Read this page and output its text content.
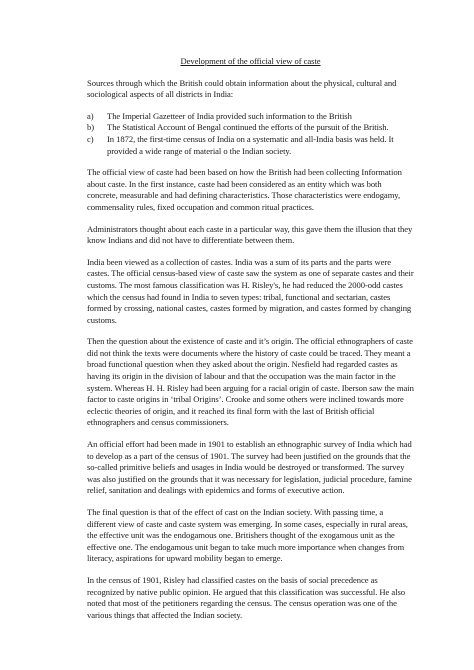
Development of the official view of caste

Sources through which the British could obtain information about the physical, cultural and sociological aspects of all districts in India:

a) The Imperial Gazetteer of India provided such information to the British
b) The Statistical Account of Bengal continued the efforts of the pursuit of the British.
c) In 1872, the first-time census of India on a systematic and all-India basis was held. It provided a wide range of material o the Indian society.

The official view of caste had been based on how the British had been collecting Information about caste. In the first instance, caste had been considered as an entity which was both concrete, measurable and had defining characteristics. Those characteristics were endogamy, commensality rules, fixed occupation and common ritual practices.

Administrators thought about each caste in a particular way, this gave them the illusion that they know Indians and did not have to differentiate between them.

India been viewed as a collection of castes. India was a sum of its parts and the parts were castes. The official census-based view of caste saw the system as one of separate castes and their customs. The most famous classification was H. Risley's, he had reduced the 2000-odd castes which the census had found in India to seven types: tribal, functional and sectarian, castes formed by crossing, national castes, castes formed by migration, and castes formed by changing customs.

Then the question about the existence of caste and it’s origin. The official ethnographers of caste did not think the texts were documents where the history of caste could be traced. They meant a broad functional question when they asked about the origin. Nesfield had regarded castes as having its origin in the division of labour and that the occupation was the main factor in the system. Whereas H. H. Risley had been arguing for a racial origin of caste. Iberson saw the main factor to caste origins in ‘tribal Origins’. Crooke and some others were inclined towards more eclectic theories of origin, and it reached its final form with the last of British official ethnographers and census commissioners.

An official effort had been made in 1901 to establish an ethnographic survey of India which had to develop as a part of the census of 1901. The survey had been justified on the grounds that the so-called primitive beliefs and usages in India would be destroyed or transformed. The survey was also justified on the grounds that it was necessary for legislation, judicial procedure, famine relief, sanitation and dealings with epidemics and forms of executive action.

The final question is that of the effect of cast on the Indian society. With passing time, a different view of caste and caste system was emerging. In some cases, especially in rural areas, the effective unit was the endogamous one. Britishers thought of the exogamous unit as the effective one. The endogamous unit began to take much more importance when changes from literacy, aspirations for upward mobility began to emerge.

In the census of 1901, Risley had classified castes on the basis of social precedence as recognized by native public opinion. He argued that this classification was successful. He also noted that most of the petitioners regarding the census. The census operation was one of the various things that affected the Indian society.
